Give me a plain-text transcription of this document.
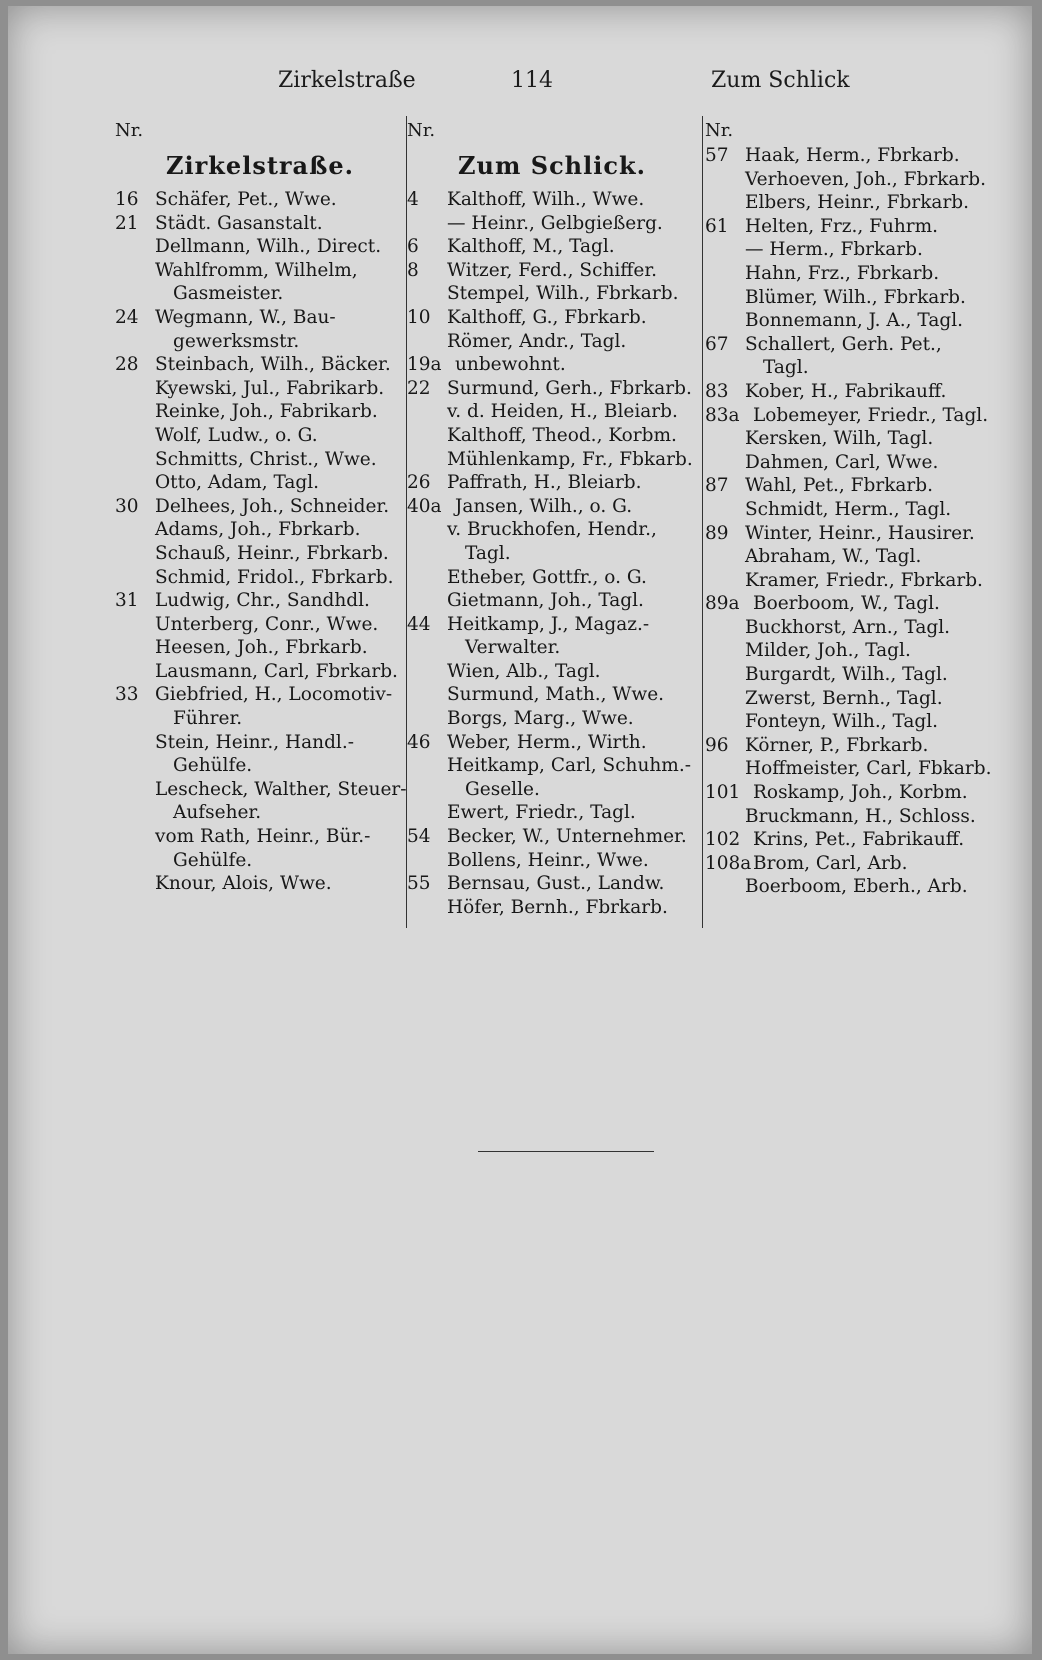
Zirkelstraße	114	Zum Schlick
Nr.
Zirkelstraße.
16 Schäfer, Pet., Wwe.
21 Städt. Gasanstalt.
Dellmann, Wilh., Direct.
Wahlfromm, Wilhelm,
Gasmeister.
24 Wegmann, W., Bau-
gewerksmstr.
28 Steinbach, Wilh., Bäcker.
Kyewski, Jul., Fabrikarb.
Reinke, Joh., Fabrikarb.
Wolf, Ludw., o. G.
Schmitts, Christ., Wwe.
Otto, Adam, Tagl.
30 Delhees, Joh., Schneider.
Adams, Joh., Fbrkarb.
Schauß, Heinr., Fbrkarb.
Schmid, Fridol., Fbrkarb.
31 Ludwig, Chr., Sandhdl.
Unterberg, Conr., Wwe.
Heesen, Joh., Fbrkarb.
Lausmann, Carl, Fbrkarb.
33 Giebfried, H., Locomotiv-
Führer.
Stein, Heinr., Handl.-
Gehülfe.
Lescheck, Walther, Steuer-
Aufseher.
vom Rath, Heinr., Bür.-
Gehülfe.
Knour, Alois, Wwe.
Nr.
Zum Schlick.
4 Kalthoff, Wilh., Wwe.
— Heinr., Gelbgießerg.
6 Kalthoff, M., Tagl.
8 Witzer, Ferd., Schiffer.
Stempel, Wilh., Fbrkarb.
10 Kalthoff, G., Fbrkarb.
Römer, Andr., Tagl.
19a unbewohnt.
22 Surmund, Gerh., Fbrkarb.
v. d. Heiden, H., Bleiarb.
Kalthoff, Theod., Korbm.
Mühlenkamp, Fr., Fbkarb.
26 Paffrath, H., Bleiarb.
40a Jansen, Wilh., o. G.
v. Bruckhofen, Hendr.,
Tagl.
Etheber, Gottfr., o. G.
Gietmann, Joh., Tagl.
44 Heitkamp, J., Magaz.-
Verwalter.
Wien, Alb., Tagl.
Surmund, Math., Wwe.
Borgs, Marg., Wwe.
46 Weber, Herm., Wirth.
Heitkamp, Carl, Schuhm.-
Geselle.
Ewert, Friedr., Tagl.
54 Becker, W., Unternehmer.
Bollens, Heinr., Wwe.
55 Bernsau, Gust., Landw.
Höfer, Bernh., Fbrkarb.
Nr.
57 Haak, Herm., Fbrkarb.
Verhoeven, Joh., Fbrkarb.
Elbers, Heinr., Fbrkarb.
61 Helten, Frz., Fuhrm.
— Herm., Fbrkarb.
Hahn, Frz., Fbrkarb.
Blümer, Wilh., Fbrkarb.
Bonnemann, J. A., Tagl.
67 Schallert, Gerh. Pet.,
Tagl.
83 Kober, H., Fabrikauff.
83a Lobemeyer, Friedr., Tagl.
Kersken, Wilh, Tagl.
Dahmen, Carl, Wwe.
87 Wahl, Pet., Fbrkarb.
Schmidt, Herm., Tagl.
89 Winter, Heinr., Hausirer.
Abraham, W., Tagl.
Kramer, Friedr., Fbrkarb.
89a Boerboom, W., Tagl.
Buckhorst, Arn., Tagl.
Milder, Joh., Tagl.
Burgardt, Wilh., Tagl.
Zwerst, Bernh., Tagl.
Fonteyn, Wilh., Tagl.
96 Körner, P., Fbrkarb.
Hoffmeister, Carl, Fbkarb.
101 Roskamp, Joh., Korbm.
Bruckmann, H., Schloss.
102 Krins, Pet., Fabrikauff.
108aBrom, Carl, Arb.
Boerboom, Eberh., Arb.
